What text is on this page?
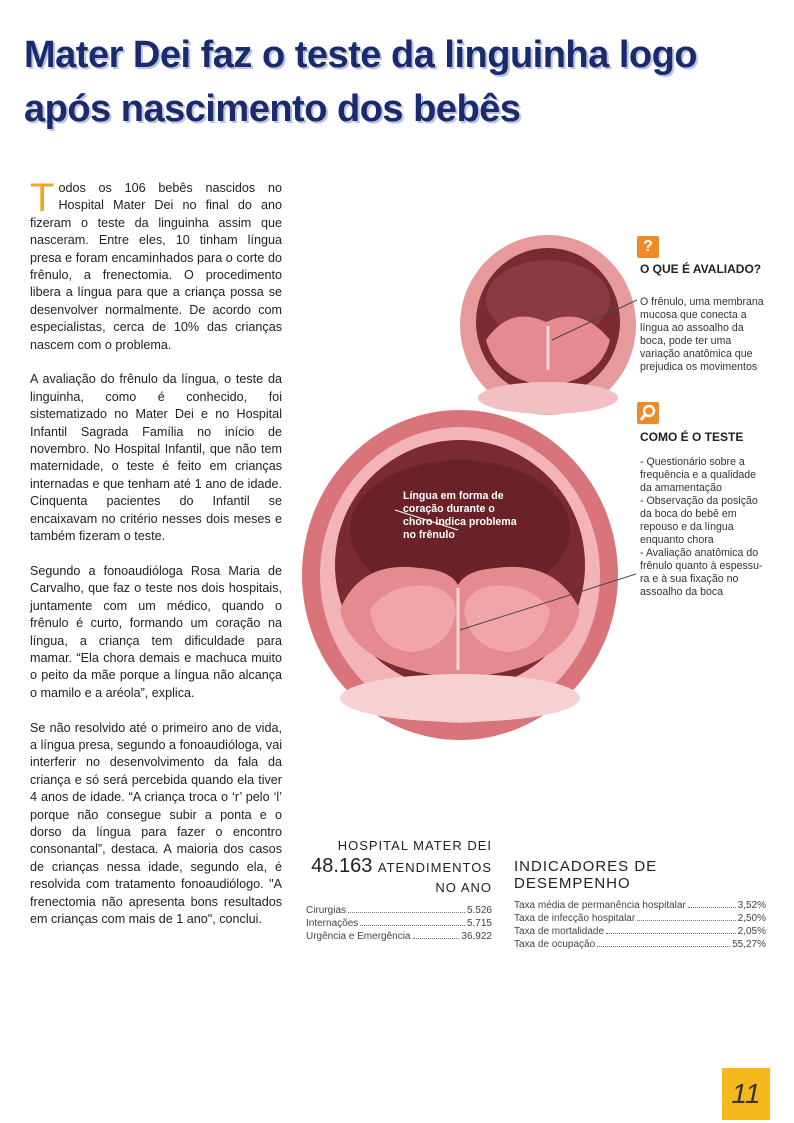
Mater Dei faz o teste da linguinha logo após nascimento dos bebês

Todos os 106 bebês nascidos no Hospital Mater Dei no final do ano fizeram o teste da linguinha assim que nasceram. Entre eles, 10 tinham língua presa e foram encaminhados para o corte do frênulo, a frenectomia. O procedimento libera a língua para que a criança possa se desenvolver normalmente. De acordo com especialistas, cerca de 10% das crianças nascem com o problema.

A avaliação do frênulo da língua, o teste da linguinha, como é conhecido, foi sistematizado no Mater Dei e no Hospital Infantil Sagrada Família no início de novembro. No Hospital Infantil, que não tem maternidade, o teste é feito em crianças internadas e que tenham até 1 ano de idade. Cinquenta pacientes do Infantil se encaixavam no critério nesses dois meses e também fizeram o teste.

Segundo a fonoaudióloga Rosa Maria de Carvalho, que faz o teste nos dois hospitais, juntamente com um médico, quando o frênulo é curto, formando um coração na língua, a criança tem dificuldade para mamar. “Ela chora demais e machuca muito o peito da mãe porque a língua não alcança o mamilo e a aréola”, explica.

Se não resolvido até o primeiro ano de vida, a língua presa, segundo a fonoaudióloga, vai interferir no desenvolvimento da fala da criança e só será percebida quando ela tiver 4 anos de idade. “A criança troca o ‘r’ pelo ‘l’ porque não consegue subir a ponta e o dorso da língua para fazer o encontro consonantal”, destaca. A maioria dos casos de crianças nessa idade, segundo ela, é resolvida com tratamento fonoaudiólogo. "A frenectomia não apresenta bons resultados em crianças com mais de 1 ano", conclui.

?
O QUE É AVALIADO?
O frênulo, uma membrana
mucosa que conecta a
língua ao assoalho da
boca, pode ter uma
variação anatômica que
prejudica os movimentos
COMO É O TESTE
- Questionário sobre a
frequência e a qualidade
da amamentação
- Observação da posição
da boca do bebê em
repouso e da língua
enquanto chora
- Avaliação anatômica do
frênulo quanto à espessu-
ra e à sua fixação no
assoalho da boca
Língua em forma de
coração durante o
choro indica problema
no frênulo
HOSPITAL MATER DEI
48.163 ATENDIMENTOS
NO ANO
Cirurgias	5.526
Internações	5.715
Urgência e Emergência	36.922
INDICADORES DE DESEMPENHO
Taxa média de permanência hospitalar	3,52%
Taxa de infecção hospitalar	2,50%
Taxa de mortalidade	2,05%
Taxa de ocupação	55,27%
11
